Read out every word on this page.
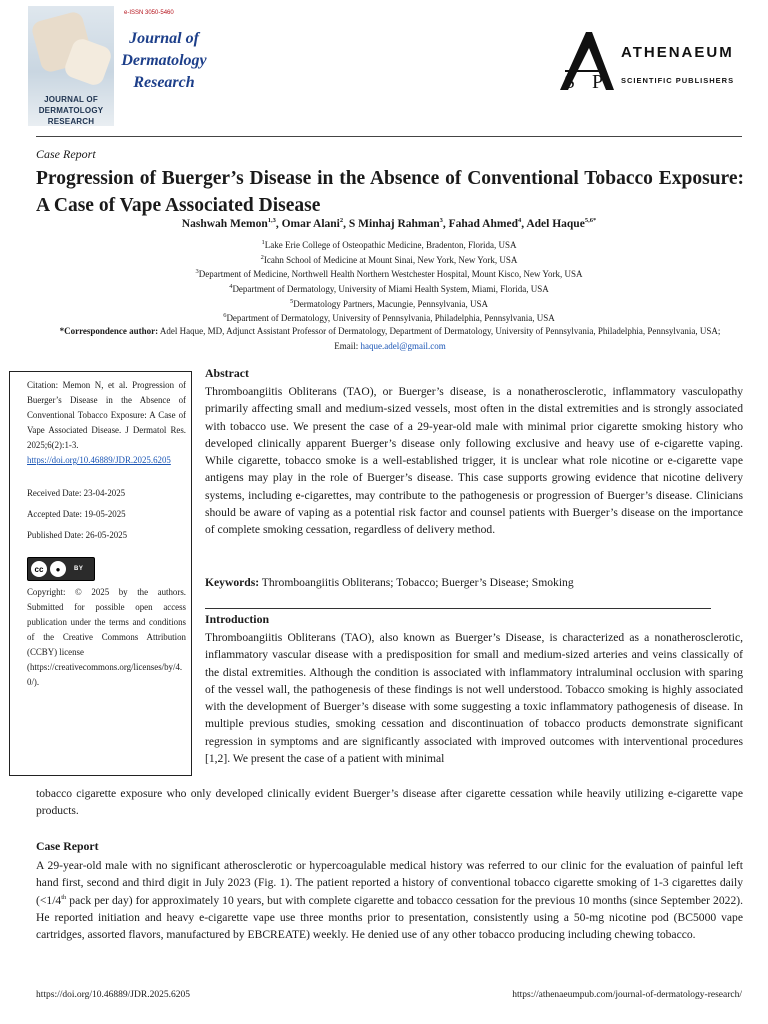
JOURNAL OF
DERMATOLOGY
RESEARCH
e-ISSN 3050-5460
Journal of
Dermatology
Research	S P
ATHENAEUM
SCIENTIFIC PUBLISHERS
Case Report
Progression of Buerger’s Disease in the Absence of Conventional Tobacco Exposure: A Case of Vape Associated Disease
Nashwah Memon$^{1,3}$, Omar Alani$^2$, S Minhaj Rahman$^3$, Fahad Ahmed$^4$, Adel Haque$^{5,6*}$
$^1$Lake Erie College of Osteopathic Medicine, Bradenton, Florida, USA
$^2$Icahn School of Medicine at Mount Sinai, New York, New York, USA
$^3$Department of Medicine, Northwell Health Northern Westchester Hospital, Mount Kisco, New York, USA
$^4$Department of Dermatology, University of Miami Health System, Miami, Florida, USA
$^5$Dermatology Partners, Macungie, Pennsylvania, USA
$^6$Department of Dermatology, University of Pennsylvania, Philadelphia, Pennsylvania, USA
*Correspondence author: Adel Haque, MD, Adjunct Assistant Professor of Dermatology, Department of Dermatology, University of Pennsylvania, Philadelphia, Pennsylvania, USA; Email: haque.adel@gmail.com
Citation: Memon N, et al. Progression of Buerger’s Disease in the Absence of Conventional Tobacco Exposure: A Case of Vape Associated Disease. J Dermatol Res. 2025;6(2):1-3.
https://doi.org/10.46889/JDR.2025.6205
Received Date: 23-04-2025
Accepted Date: 19-05-2025
Published Date: 26-05-2025
cc	●	BY
Copyright: © 2025 by the authors. Submitted for possible open access publication under the terms and conditions of the Creative Commons Attribution (CCBY) license
(https://creativecommons.org/licenses/by/4.0/).
Abstract
Thromboangiitis Obliterans (TAO), or Buerger’s disease, is a nonatherosclerotic, inflammatory vasculopathy primarily affecting small and medium-sized vessels, most often in the distal extremities and is strongly associated with tobacco use. We present the case of a 29-year-old male with minimal prior cigarette smoking history who developed clinically apparent Buerger’s disease only following exclusive and heavy use of e-cigarette vaping. While cigarette, tobacco smoke is a well-established trigger, it is unclear what role nicotine or e-cigarette vape antigens may play in the role of Buerger’s disease. This case supports growing evidence that nicotine delivery systems, including e-cigarettes, may contribute to the pathogenesis or progression of Buerger’s disease. Clinicians should be aware of vaping as a potential risk factor and counsel patients with Buerger’s disease on the importance of complete smoking cessation, regardless of delivery method.
Keywords: Thromboangiitis Obliterans; Tobacco; Buerger’s Disease; Smoking
Introduction
Thromboangiitis Obliterans (TAO), also known as Buerger’s Disease, is characterized as a nonatherosclerotic, inflammatory vascular disease with a predisposition for small and medium-sized arteries and veins classically of the distal extremities. Although the condition is associated with inflammatory intraluminal occlusion with sparing of the vessel wall, the pathogenesis of these findings is not well understood. Tobacco smoking is highly associated with the development of Buerger’s disease with some suggesting a toxic inflammatory pathogenesis of disease. In multiple previous studies, smoking cessation and discontinuation of tobacco products demonstrate significant regression in symptoms and are significantly associated with improved outcomes with interventional procedures [1,2]. We present the case of a patient with minimal
tobacco cigarette exposure who only developed clinically evident Buerger’s disease after cigarette cessation while heavily utilizing e-cigarette vape products.
Case Report
A 29-year-old male with no significant atherosclerotic or hypercoagulable medical history was referred to our clinic for the evaluation of painful left hand first, second and third digit in July 2023 (Fig. 1). The patient reported a history of conventional tobacco cigarette smoking of 1-3 cigarettes daily (<1/4th pack per day) for approximately 10 years, but with complete cigarette and tobacco cessation for the previous 10 months (since September 2022). He reported initiation and heavy e-cigarette vape use three months prior to presentation, consistently using a 50-mg nicotine pod (BC5000 vape cartridges, assorted flavors, manufactured by EBCREATE) weekly. He denied use of any other tobacco producing including chewing tobacco.
https://doi.org/10.46889/JDR.2025.6205	https://athenaeumpub.com/journal-of-dermatology-research/
